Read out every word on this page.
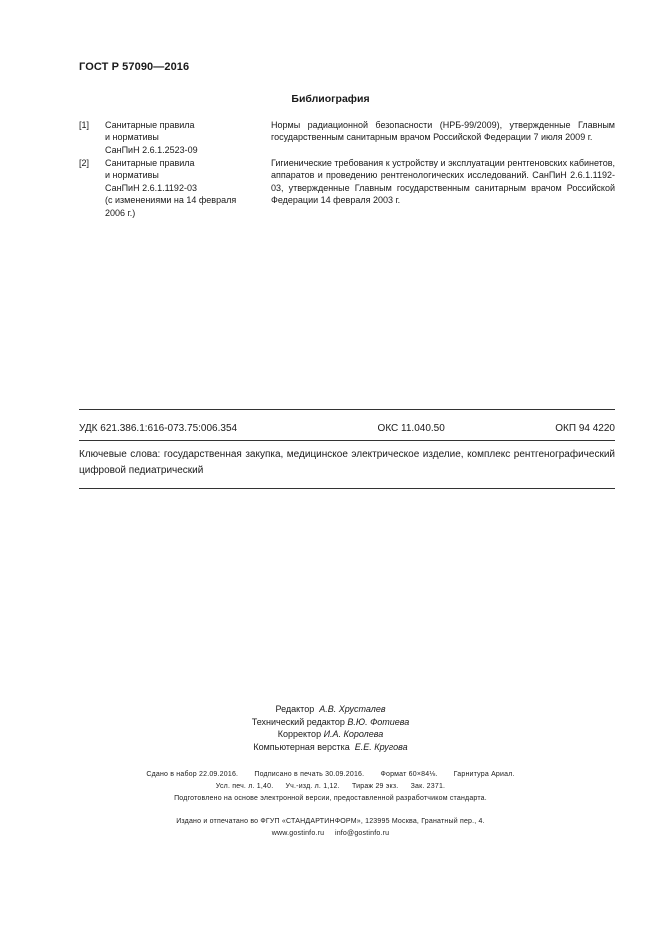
ГОСТ Р 57090—2016
Библиография
[1] Санитарные правила
и нормативы
СанПиН 2.6.1.2523-09
Нормы радиационной безопасности (НРБ-99/2009), утвержденные Главным государственным санитарным врачом Российской Федерации 7 июля 2009 г.
[2] Санитарные правила
и нормативы
СанПиН 2.6.1.1192-03
(с изменениями на 14 февраля
2006 г.)
Гигиенические требования к устройству и эксплуатации рентгеновских кабинетов, аппаратов и проведению рентгенологических исследований. СанПиН 2.6.1.1192-03, утвержденные Главным государственным санитарным врачом Российской Федерации 14 февраля 2003 г.
УДК 621.386.1:616-073.75:006.354	ОКС 11.040.50	ОКП 94 4220
Ключевые слова: государственная закупка, медицинское электрическое изделие, комплекс рентгенографический цифровой педиатрический
Редактор А.В. Хрусталев
Технический редактор В.Ю. Фотиева
Корректор И.А. Королева
Компьютерная верстка Е.Е. Кругова
Сдано в набор 22.09.2016. Подписано в печать 30.09.2016. Формат 60×84⅛. Гарнитура Ариал.
Усл. печ. л. 1,40. Уч.-изд. л. 1,12. Тираж 29 экз. Зак. 2371.
Подготовлено на основе электронной версии, предоставленной разработчиком стандарта.
Издано и отпечатано во ФГУП «СТАНДАРТИНФОРМ», 123995 Москва, Гранатный пер., 4.
www.gostinfo.ru info@gostinfo.ru
